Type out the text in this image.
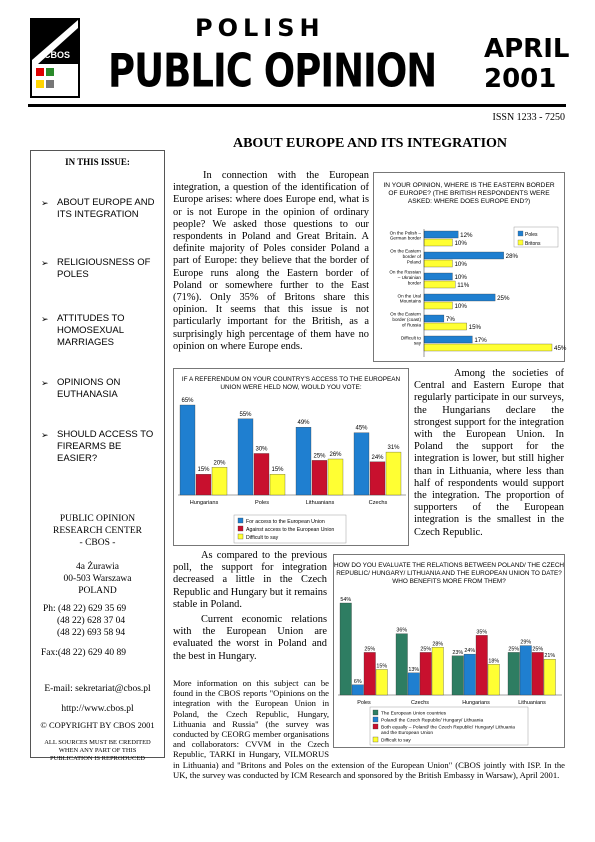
CBOS
POLISH
PUBLIC OPINION APRIL
2001
ISSN 1233 - 7250
IN THIS ISSUE:
➢ ABOUT EUROPE AND ITS INTEGRATION
➢ RELIGIOUSNESS OF POLES
➢ ATTITUDES TO HOMOSEXUAL MARRIAGES
➢ OPINIONS ON EUTHANASIA
➢ SHOULD ACCESS TO FIREARMS BE EASIER?
PUBLIC OPINION
RESEARCH CENTER
- CBOS -
4a Żurawia
00-503 Warszawa
POLAND
Ph: (48 22) 629 35 69
(48 22) 628 37 04
(48 22) 693 58 94
Fax:(48 22) 629 40 89
E-mail: sekretariat@cbos.pl
http://www.cbos.pl
© COPYRIGHT BY CBOS 2001
ALL SOURCES MUST BE CREDITED WHEN ANY PART OF THIS PUBLICATION IS REPRODUCED
ABOUT EUROPE AND ITS INTEGRATION
In connection with the European integration, a question of the identification of Europe arises: where does Europe end, what is or is not Europe in the opinion of ordinary people? We asked those questions to our respondents in Poland and Great Britain. A definite majority of Poles consider Poland a part of Europe: they believe that the border of Europe runs along the Eastern border of Poland or somewhere further to the East (71%). Only 35% of Britons share this opinion. It seems that this issue is not particularly important for the British, as a surprisingly high percentage of them have no opinion on where Europe ends.
IN YOUR OPINION, WHERE IS THE EASTERN BORDER
OF EUROPE? (THE BRITISH RESPONDENTS WERE
ASKED: WHERE DOES EUROPE END?)
Poles
Britons
On the Polish –
German border	12%
10%
On the Eastern
border of
Poland
28%
10%
On the Russian
– Ukrainian
border
10%
11%
On the Ural
Mountains	25%
10%
On the Eastern
border (coast)
of Russia
7%
15%
Difficult to
say	17%
45%
IF A REFERENDUM ON YOUR COUNTRY'S ACCESS TO THE EUROPEAN
UNION WERE HELD NOW, WOULD YOU VOTE:
65%
15%
20%
Hungarians
55%
30%
15%
Poles
49%
25% 26%
Lithuanians
45%
24%
31%
Czechs
For access to the European Union
Against access to the European Union
Difficult to say
Among the societies of Central and Eastern Europe that regularly participate in our surveys, the Hungarians declare the strongest support for the integration with the European Union. In Poland the support for the integration is lower, but still higher than in Lithuania, where less than half of respondents would support the integration. The proportion of supporters of the European integration is the smallest in the Czech Republic.
As compared to the previous poll, the support for integration decreased a little in the Czech Republic and Hungary but it remains stable in Poland.
Current economic relations with the European Union are evaluated the worst in Poland and the best in Hungary.
HOW DO YOU EVALUATE THE RELATIONS BETWEEN POLAND/ THE CZECH
REPUBLIC/ HUNGARY/ LITHUANIA AND THE EUROPEAN UNION TO DATE?
WHO BENEFITS MORE FROM THEM?
54%
6%
25%
15%
Poles
36%
13%
25%
28%
Czechs
23% 24%
35%
18%
Hungarians
25%
29%
25%
21%
Lithuanians
The European Union countries
Poland/ the Czech Republic/ Hungary/ Lithuania
Both equally – Poland/ the Czech Republic/ Hungary/ Lithuania
and the European Union
Difficult to say
More information on this subject can be found in the CBOS reports "Opinions on the integration with the European Union in Poland, the Czech Republic, Hungary, Lithuania and Russia" (the survey was conducted by CEORG member organisations and collaborators: CVVM in the Czech Republic, TARKI in Hungary, VILMORUS in Lithuania) and "Britons and Poles on the extension of the European Union" (CBOS jointly with ISP. In the UK, the survey was conducted by ICM Research and sponsored by the British Embassy in Warsaw), April 2001.
